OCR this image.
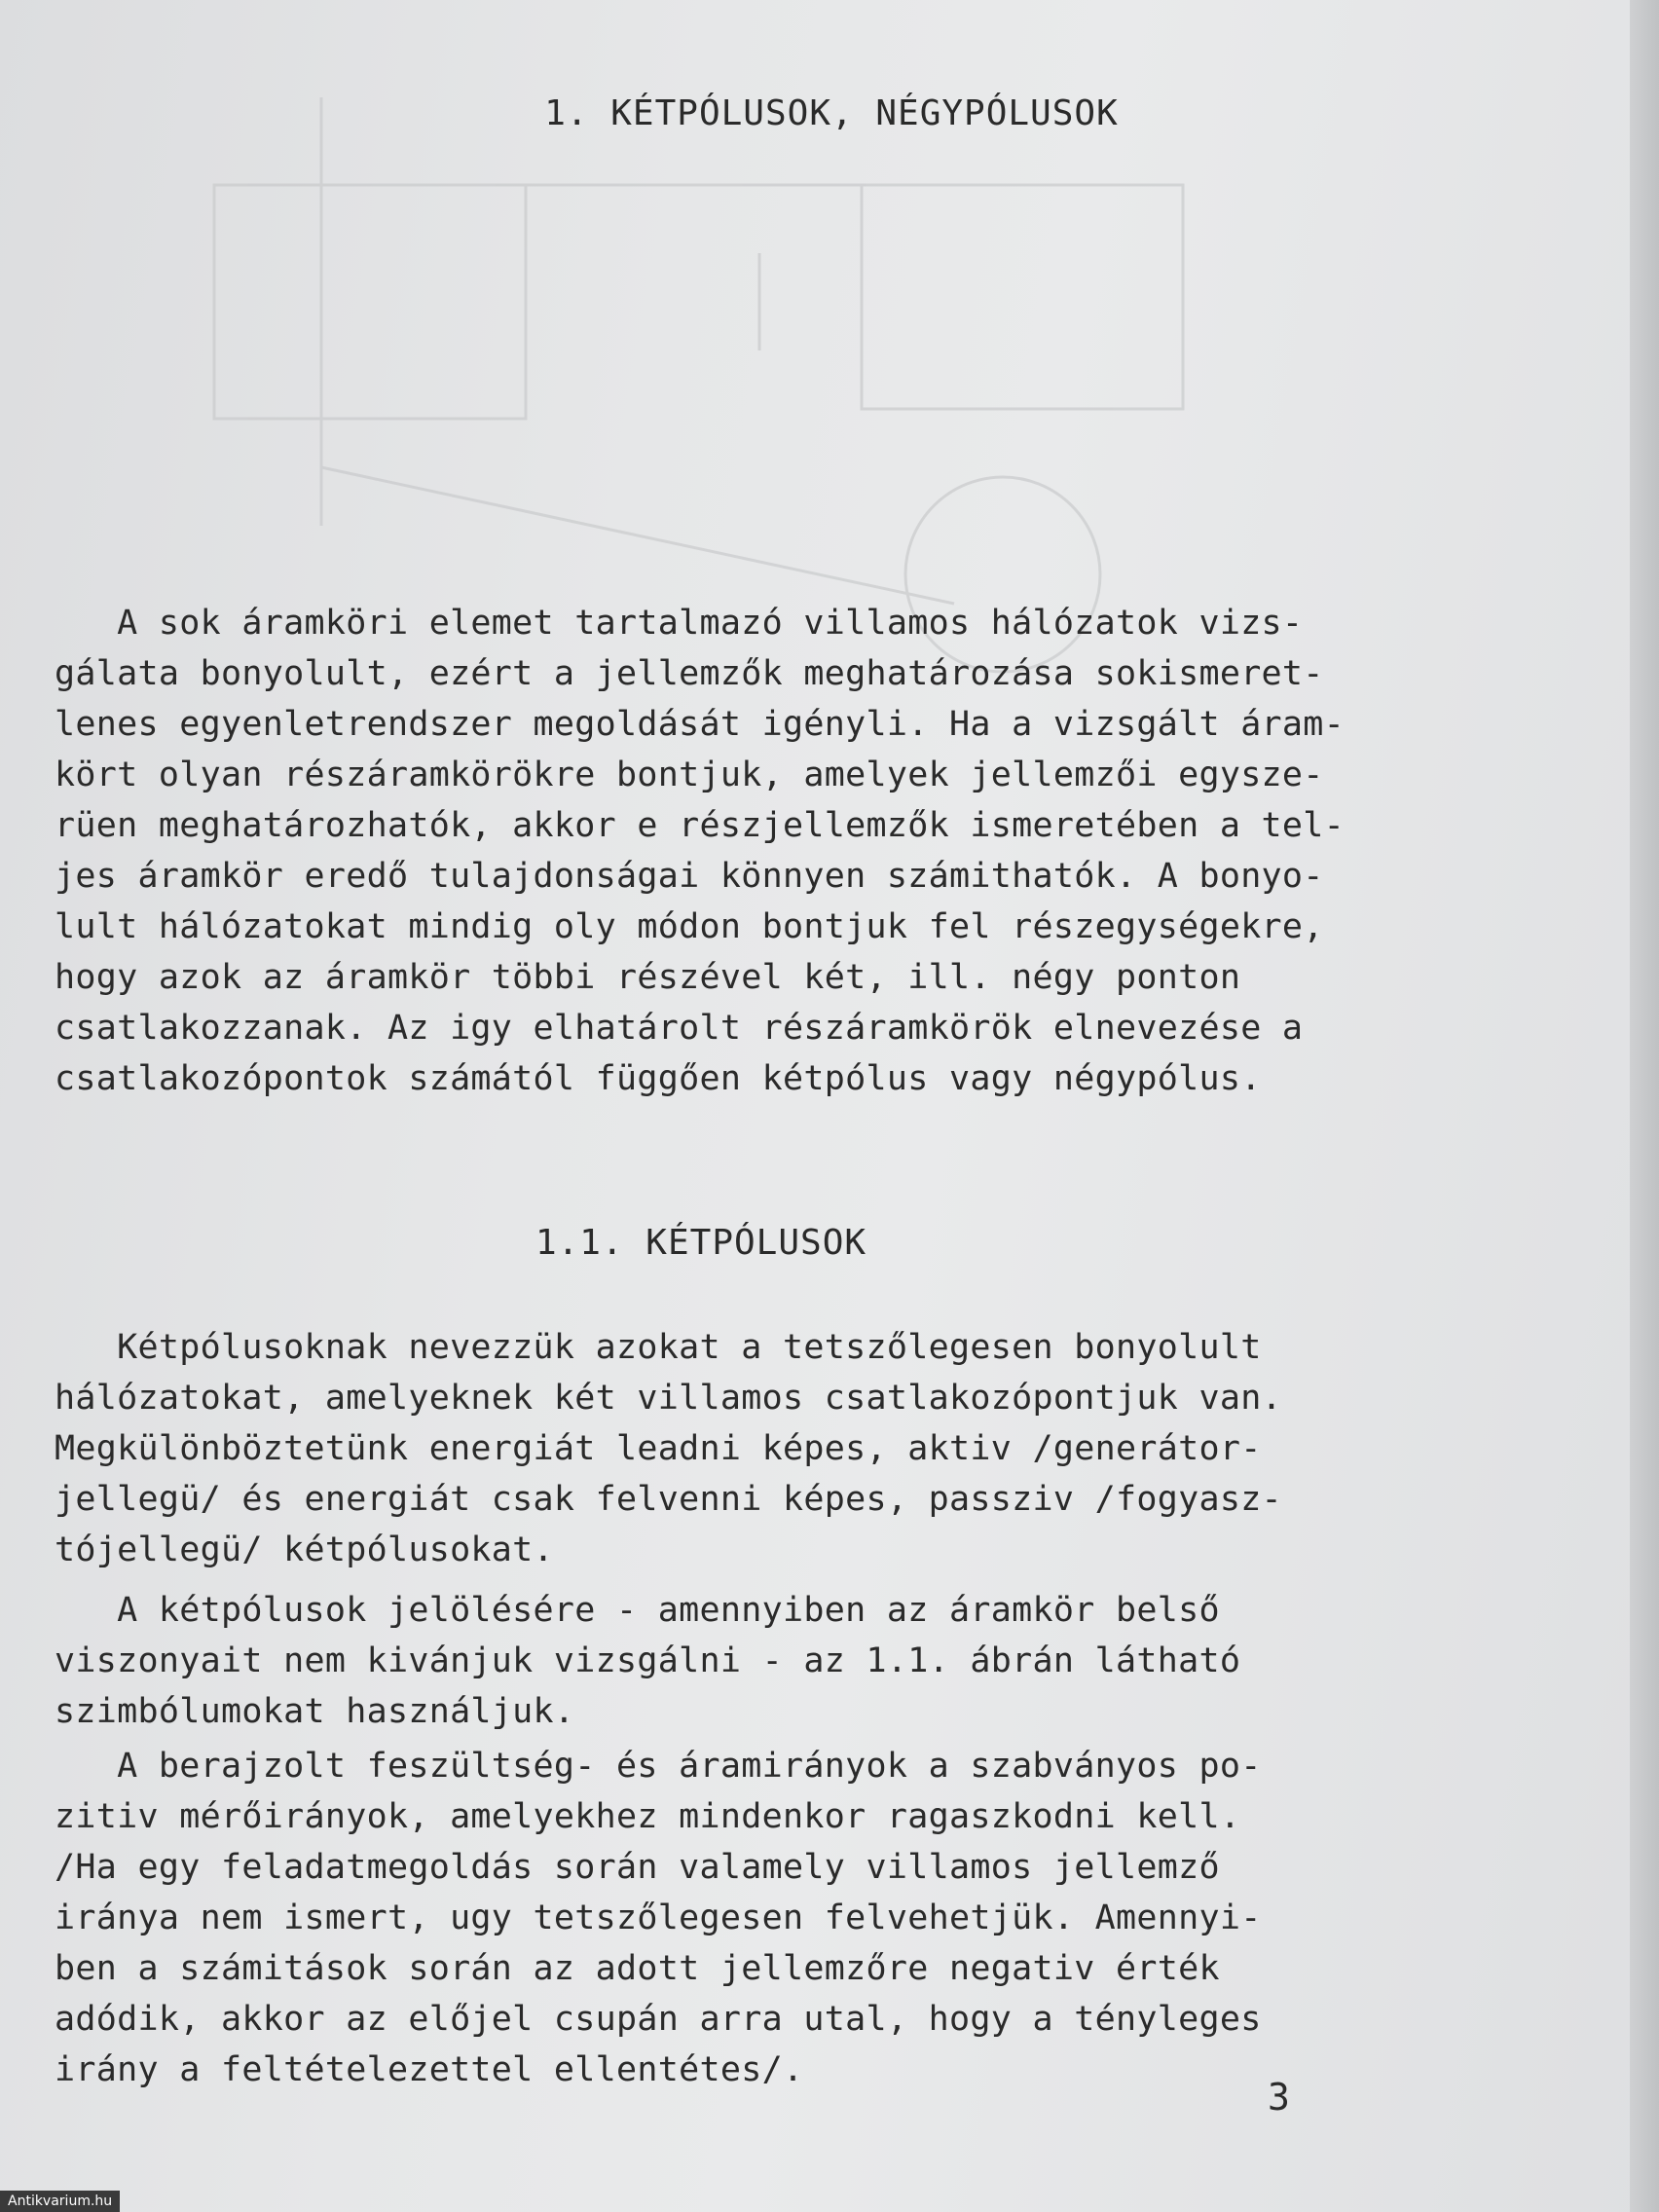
1. KÉTPÓLUSOK, NÉGYPÓLUSOK
A sok áramköri elemet tartalmazó villamos hálózatok vizs-
gálata bonyolult, ezért a jellemzők meghatározása sokismeret-
lenes egyenletrendszer megoldását igényli. Ha a vizsgált áram-
kört olyan részáramkörökre bontjuk, amelyek jellemzői egysze-
rüen meghatározhatók, akkor e részjellemzők ismeretében a tel-
jes áramkör eredő tulajdonságai könnyen számithatók. A bonyo-
lult hálózatokat mindig oly módon bontjuk fel részegységekre,
hogy azok az áramkör többi részével két, ill. négy ponton
csatlakozzanak. Az igy elhatárolt részáramkörök elnevezése a
csatlakozópontok számától függően kétpólus vagy négypólus.
1.1. KÉTPÓLUSOK
Kétpólusoknak nevezzük azokat a tetszőlegesen bonyolult
hálózatokat, amelyeknek két villamos csatlakozópontjuk van.
Megkülönböztetünk energiát leadni képes, aktiv /generátor-
jellegü/ és energiát csak felvenni képes, passziv /fogyasz-
tójellegü/ kétpólusokat.
A kétpólusok jelölésére - amennyiben az áramkör belső
viszonyait nem kivánjuk vizsgálni - az 1.1. ábrán látható
szimbólumokat használjuk.
A berajzolt feszültség- és áramirányok a szabványos po-
zitiv mérőirányok, amelyekhez mindenkor ragaszkodni kell.
/Ha egy feladatmegoldás során valamely villamos jellemző
iránya nem ismert, ugy tetszőlegesen felvehetjük. Amennyi-
ben a számitások során az adott jellemzőre negativ érték
adódik, akkor az előjel csupán arra utal, hogy a tényleges
irány a feltételezettel ellentétes/.
3
Antikvarium.hu
